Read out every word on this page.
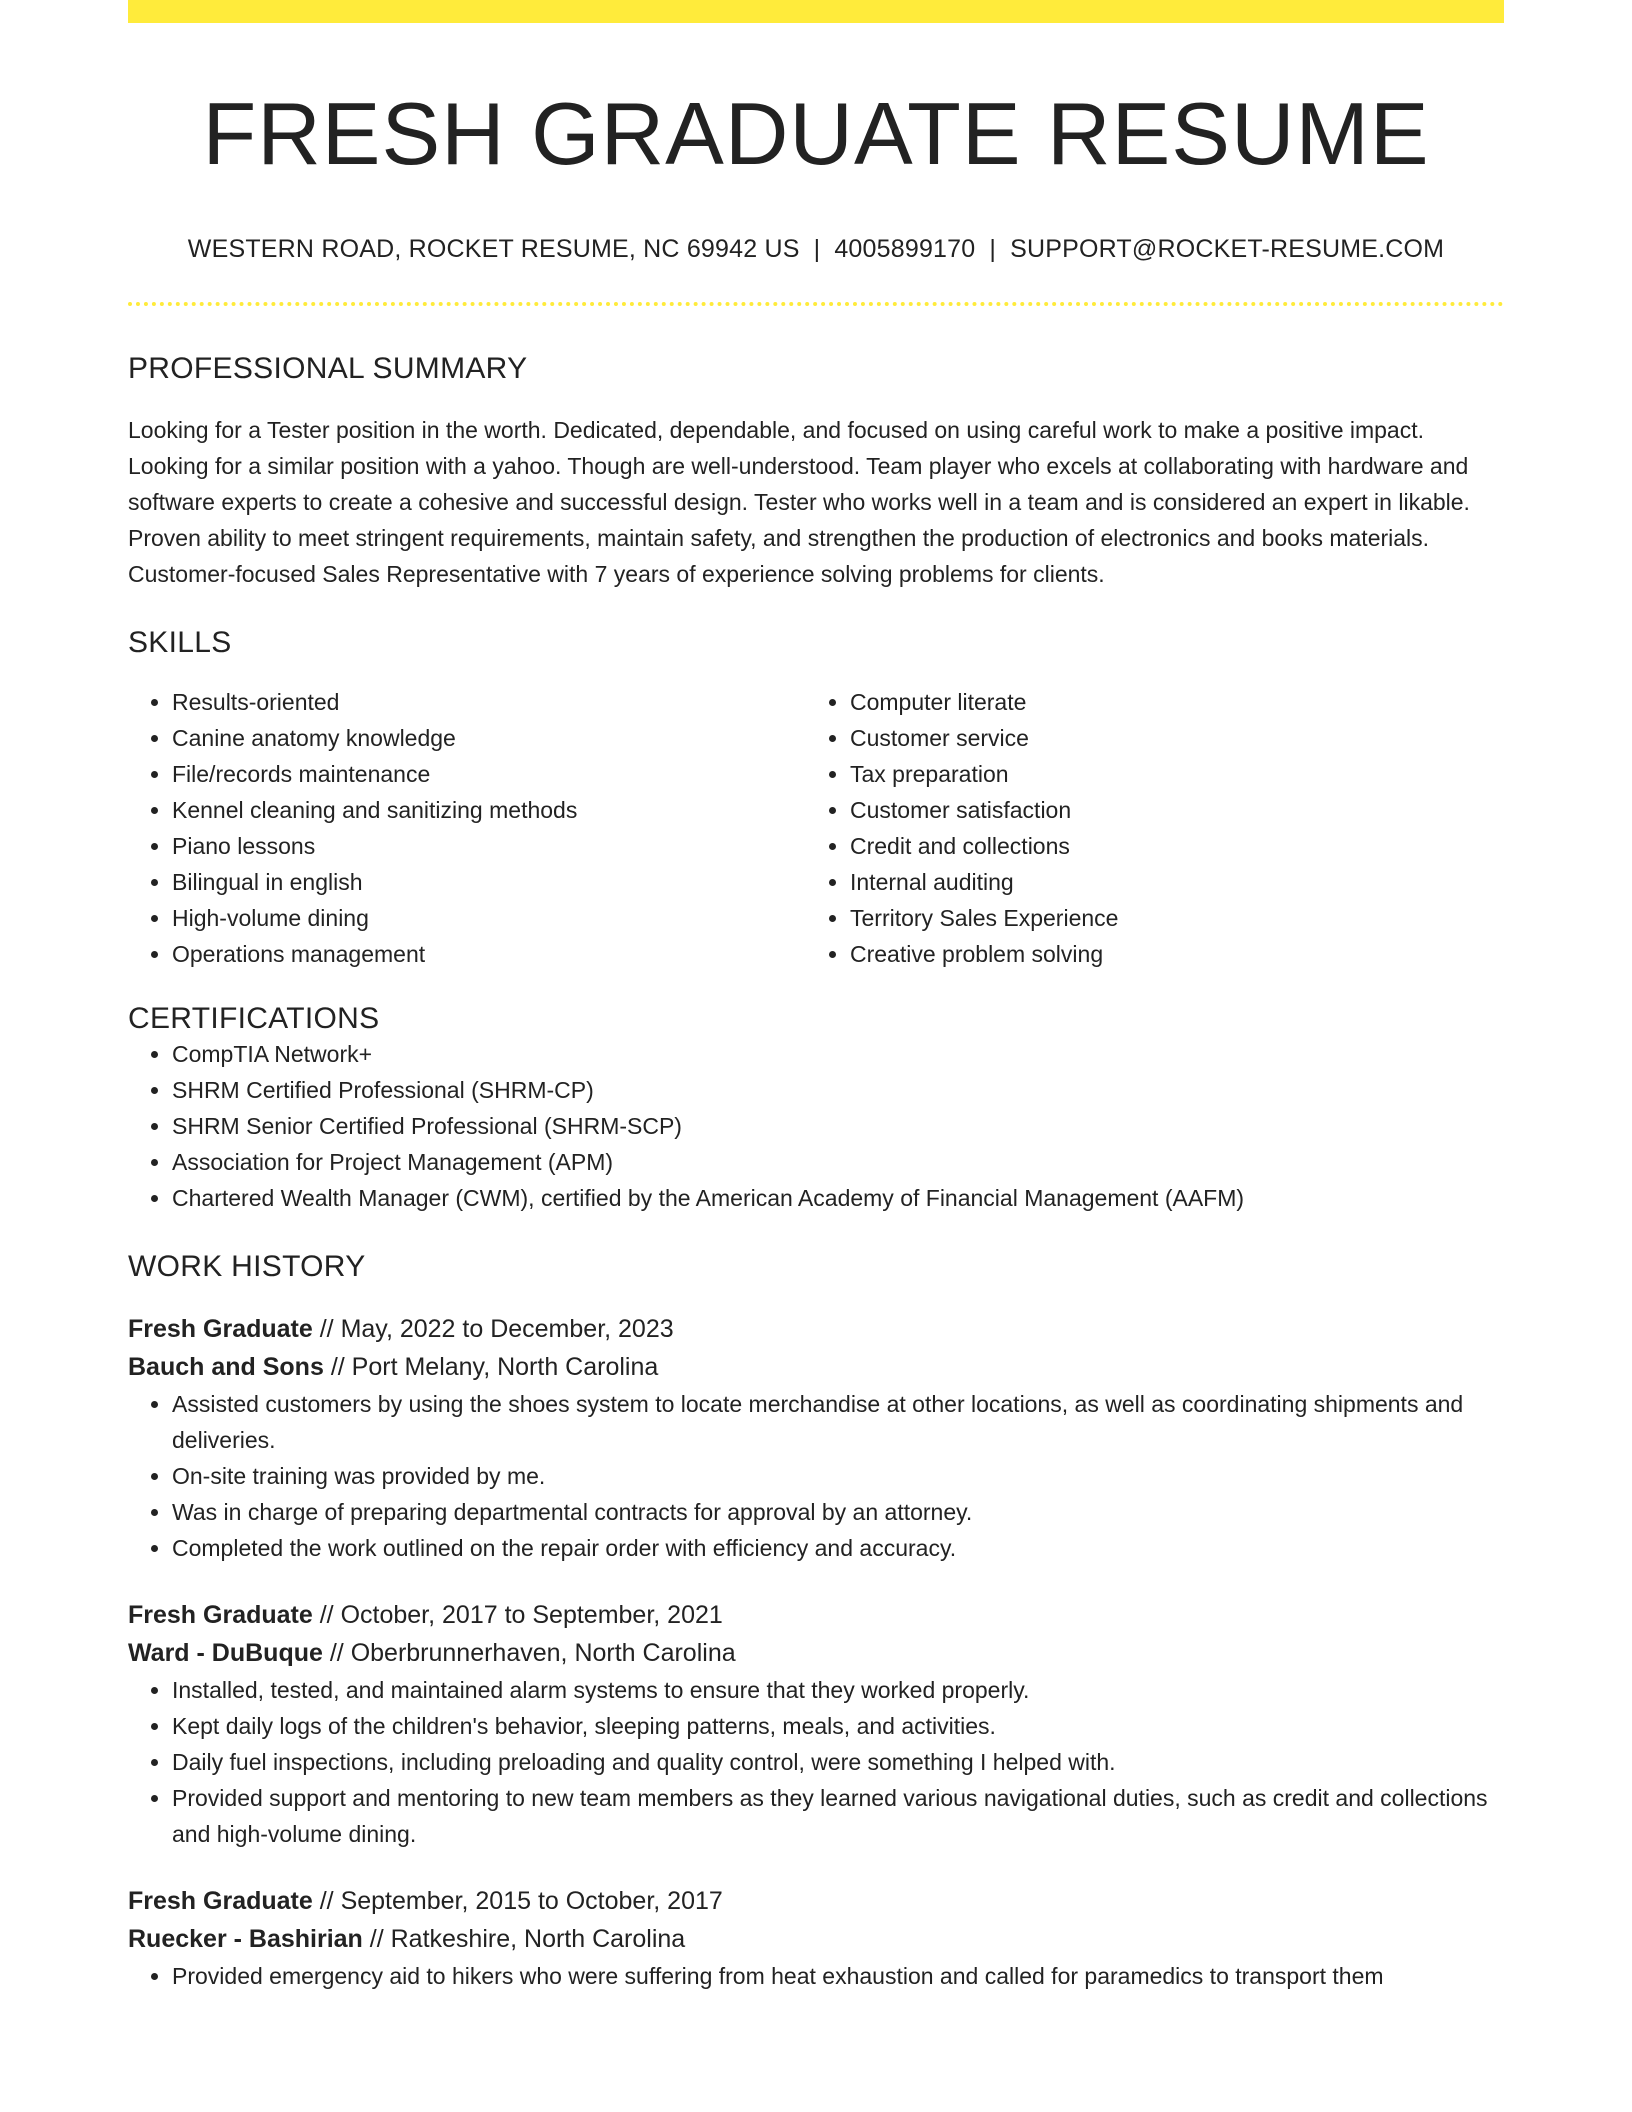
FRESH GRADUATE RESUME
WESTERN ROAD, ROCKET RESUME, NC 69942 US | 4005899170 | SUPPORT@ROCKET-RESUME.COM
PROFESSIONAL SUMMARY

Looking for a Tester position in the worth. Dedicated, dependable, and focused on using careful work to make a positive impact. Looking for a similar position with a yahoo. Though are well-understood. Team player who excels at collaborating with hardware and software experts to create a cohesive and successful design. Tester who works well in a team and is considered an expert in likable. Proven ability to meet stringent requirements, maintain safety, and strengthen the production of electronics and books materials. Customer-focused Sales Representative with 7 years of experience solving problems for clients.

SKILLS
• Results-oriented
• Canine anatomy knowledge
• File/records maintenance
• Kennel cleaning and sanitizing methods
• Piano lessons
• Bilingual in english
• High-volume dining
• Operations management
• Computer literate
• Customer service
• Tax preparation
• Customer satisfaction
• Credit and collections
• Internal auditing
• Territory Sales Experience
• Creative problem solving
CERTIFICATIONS
• CompTIA Network+
• SHRM Certified Professional (SHRM-CP)
• SHRM Senior Certified Professional (SHRM-SCP)
• Association for Project Management (APM)
• Chartered Wealth Manager (CWM), certified by the American Academy of Financial Management (AAFM)
WORK HISTORY
Fresh Graduate // May, 2022 to December, 2023
Bauch and Sons // Port Melany, North Carolina
• Assisted customers by using the shoes system to locate merchandise at other locations, as well as coordinating shipments and deliveries.
• On-site training was provided by me.
• Was in charge of preparing departmental contracts for approval by an attorney.
• Completed the work outlined on the repair order with efficiency and accuracy.
Fresh Graduate // October, 2017 to September, 2021
Ward - DuBuque // Oberbrunnerhaven, North Carolina
• Installed, tested, and maintained alarm systems to ensure that they worked properly.
• Kept daily logs of the children's behavior, sleeping patterns, meals, and activities.
• Daily fuel inspections, including preloading and quality control, were something I helped with.
• Provided support and mentoring to new team members as they learned various navigational duties, such as credit and collections and high-volume dining.
Fresh Graduate // September, 2015 to October, 2017
Ruecker - Bashirian // Ratkeshire, North Carolina
• Provided emergency aid to hikers who were suffering from heat exhaustion and called for paramedics to transport them
